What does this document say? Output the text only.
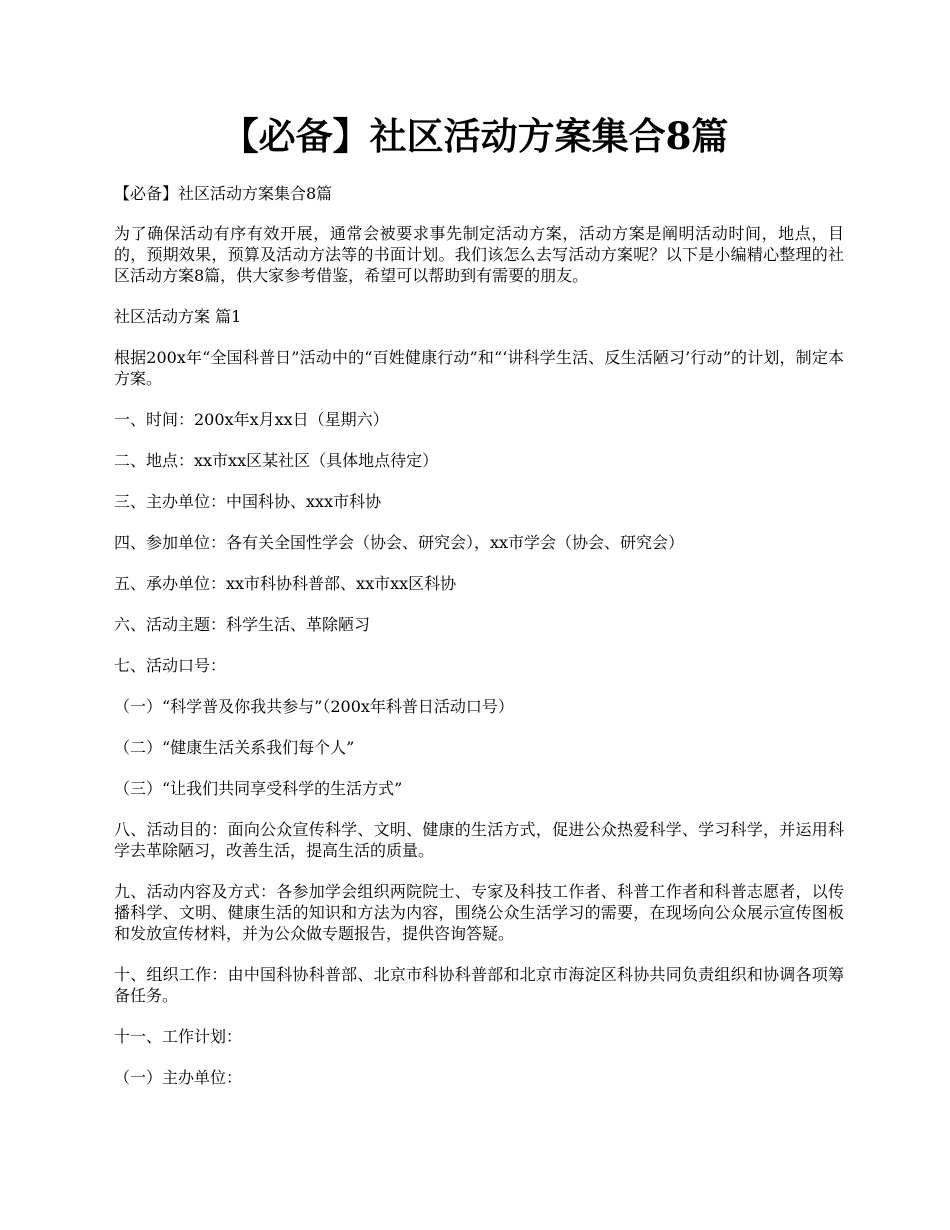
【必备】社区活动方案集合8篇

【必备】社区活动方案集合8篇

为了确保活动有序有效开展，通常会被要求事先制定活动方案，活动方案是阐明活动时间，地点，目的，预期效果，预算及活动方法等的书面计划。我们该怎么去写活动方案呢？以下是小编精心整理的社区活动方案8篇，供大家参考借鉴，希望可以帮助到有需要的朋友。

社区活动方案 篇1

根据200x年“全国科普日”活动中的“百姓健康行动”和“‘讲科学生活、反生活陋习’行动”的计划，制定本方案。

一、时间：200x年x月xx日（星期六）

二、地点：xx市xx区某社区（具体地点待定）

三、主办单位：中国科协、xxx市科协

四、参加单位：各有关全国性学会（协会、研究会），xx市学会（协会、研究会）

五、承办单位：xx市科协科普部、xx市xx区科协

六、活动主题：科学生活、革除陋习

七、活动口号：

（一）“科学普及你我共参与”（200x年科普日活动口号）

（二）“健康生活关系我们每个人”

（三）“让我们共同享受科学的生活方式”

八、活动目的：面向公众宣传科学、文明、健康的生活方式，促进公众热爱科学、学习科学，并运用科学去革除陋习，改善生活，提高生活的质量。

九、活动内容及方式：各参加学会组织两院院士、专家及科技工作者、科普工作者和科普志愿者，以传播科学、文明、健康生活的知识和方法为内容，围绕公众生活学习的需要，在现场向公众展示宣传图板和发放宣传材料，并为公众做专题报告，提供咨询答疑。

十、组织工作：由中国科协科普部、北京市科协科普部和北京市海淀区科协共同负责组织和协调各项筹备任务。

十一、工作计划：

（一）主办单位：
